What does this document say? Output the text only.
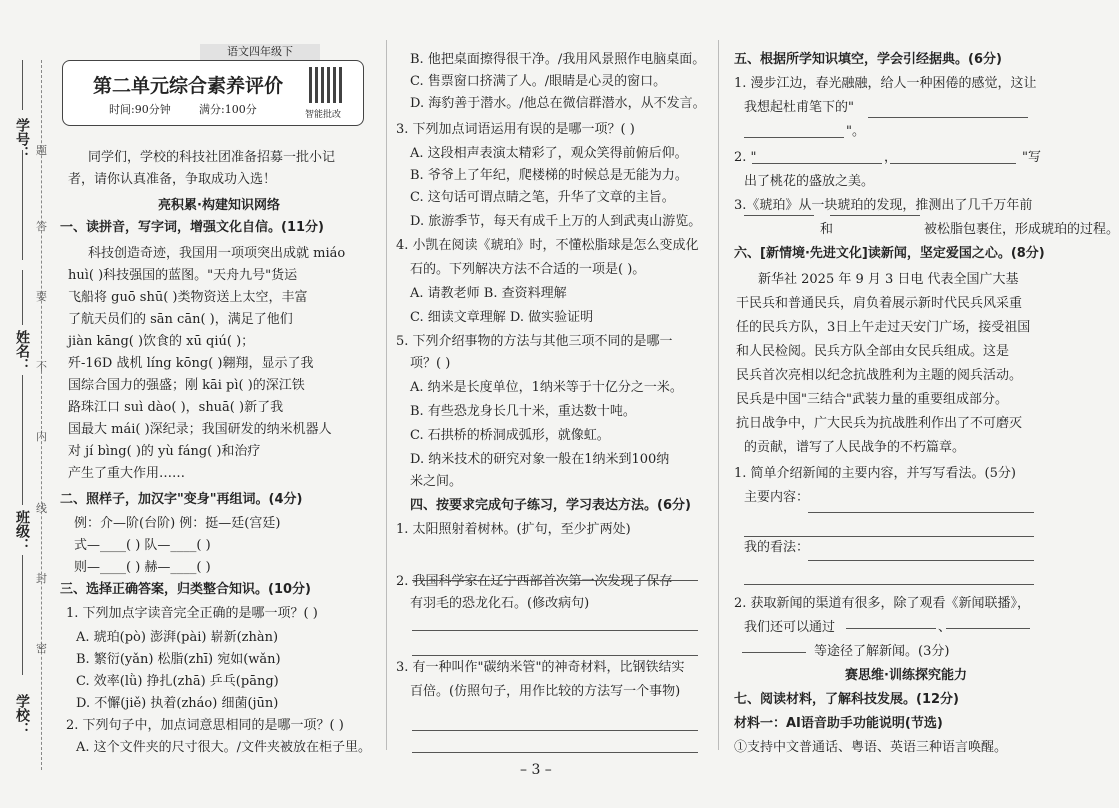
学号：
姓名：
班级：
学校：
题
答
要
不
内
线
封
密
语文四年级下
第二单元综合素养评价
时间:90分钟	满分:100分	智能批改
同学们，学校的科技社团准备招募一批小记
者，请你认真准备，争取成功入选！
亮积累·构建知识网络
一、读拼音，写字词，增强文化自信。(11分)
科技创造奇迹，我国用一项项突出成就 miáo
huì( )科技强国的蓝图。"天舟九号"货运
飞船将 guō shū( )类物资送上太空，丰富
了航天员们的 sān cān( )，满足了他们
jiàn kāng( )饮食的 xū qiú( )；
歼-16D 战机 líng kōng( )翱翔，显示了我
国综合国力的强盛；刚 kāi pì( )的深江铁
路珠江口 suì dào( )，shuā( )新了我
国最大 mái( )深纪录；我国研发的纳米机器人
对 jí bìng( )的 yù fáng( )和治疗
产生了重大作用……
二、照样子，加汉字"变身"再组词。(4分)
例：介—阶(台阶) 例：挺—廷(宫廷)
式—____( ) 队—____( )
则—____( ) 赫—____( )
三、选择正确答案，归类整合知识。(10分)
1. 下列加点字读音完全正确的是哪一项？( )
A. 琥珀(pò) 澎湃(pài) 崭新(zhàn)
B. 繁衍(yǎn) 松脂(zhī) 宛如(wǎn)
C. 效率(lǜ) 挣扎(zhā) 乒乓(pāng)
D. 不懈(jiě) 执着(zháo) 细菌(jūn)
2. 下列句子中，加点词意思相同的是哪一项？( )
A. 这个文件夹的尺寸很大。/文件夹被放在柜子里。
B. 他把桌面擦得很干净。/我用风景照作电脑桌面。
C. 售票窗口挤满了人。/眼睛是心灵的窗口。
D. 海豹善于潜水。/他总在微信群潜水，从不发言。
3. 下列加点词语运用有误的是哪一项？( )
A. 这段相声表演太精彩了，观众笑得前俯后仰。
B. 爷爷上了年纪，爬楼梯的时候总是无能为力。
C. 这句话可谓点睛之笔，升华了文章的主旨。
D. 旅游季节，每天有成千上万的人到武夷山游览。
4. 小凯在阅读《琥珀》时，不懂松脂球是怎么变成化
石的。下列解决方法不合适的一项是( )。
A. 请教老师 B. 查资料理解
C. 细读文章理解 D. 做实验证明
5. 下列介绍事物的方法与其他三项不同的是哪一
项？( )
A. 纳米是长度单位，1纳米等于十亿分之一米。
B. 有些恐龙身长几十米，重达数十吨。
C. 石拱桥的桥洞成弧形，就像虹。
D. 纳米技术的研究对象一般在1纳米到100纳
米之间。
四、按要求完成句子练习，学习表达方法。(6分)
1. 太阳照射着树林。(扩句，至少扩两处)
2. 我国科学家在辽宁西部首次第一次发现了保存
有羽毛的恐龙化石。(修改病句)
3. 有一种叫作"碳纳米管"的神奇材料，比钢铁结实
百倍。(仿照句子，用作比较的方法写一个事物)
五、根据所学知识填空，学会引经据典。(6分)
1. 漫步江边，春光融融，给人一种困倦的感觉，这让
我想起杜甫笔下的"
"。
2. "
出了桃花的盛放之美。
3.《琥珀》从一块琥珀的发现，推测出了几千万年前
和	被松脂包裹住，形成琥珀的过程。
六、[新情境·先进文化]读新闻，坚定爱国之心。(8分)
新华社 2025 年 9 月 3 日电 代表全国广大基
干民兵和普通民兵，肩负着展示新时代民兵风采重
任的民兵方队，3日上午走过天安门广场，接受祖国
和人民检阅。民兵方队全部由女民兵组成。这是
民兵首次亮相以纪念抗战胜利为主题的阅兵活动。
民兵是中国"三结合"武装力量的重要组成部分。
抗日战争中，广大民兵为抗战胜利作出了不可磨灭
的贡献，谱写了人民战争的不朽篇章。
1. 简单介绍新闻的主要内容，并写写看法。(5分)
主要内容：
我的看法：
2. 获取新闻的渠道有很多，除了观看《新闻联播》，
我们还可以通过
等途径了解新闻。(3分)
赛思维·训练探究能力
七、阅读材料，了解科技发展。(12分)
材料一：AI语音助手功能说明(节选)
①支持中文普通话、粤语、英语三种语言唤醒。
"写
，
、
– 3 –
